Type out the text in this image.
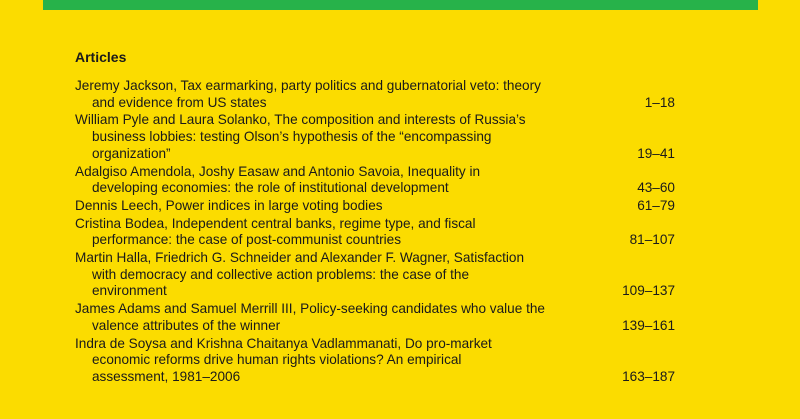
Articles
Jeremy Jackson, Tax earmarking, party politics and gubernatorial veto: theory
and evidence from US states	1–18
William Pyle and Laura Solanko, The composition and interests of Russia’s
business lobbies: testing Olson’s hypothesis of the “encompassing
organization”	19–41
Adalgiso Amendola, Joshy Easaw and Antonio Savoia, Inequality in
developing economies: the role of institutional development	43–60
Dennis Leech, Power indices in large voting bodies	61–79
Cristina Bodea, Independent central banks, regime type, and fiscal
performance: the case of post-communist countries	81–107
Martin Halla, Friedrich G. Schneider and Alexander F. Wagner, Satisfaction
with democracy and collective action problems: the case of the
environment	109–137
James Adams and Samuel Merrill III, Policy-seeking candidates who value the
valence attributes of the winner	139–161
Indra de Soysa and Krishna Chaitanya Vadlammanati, Do pro-market
economic reforms drive human rights violations? An empirical
assessment, 1981–2006	163–187
